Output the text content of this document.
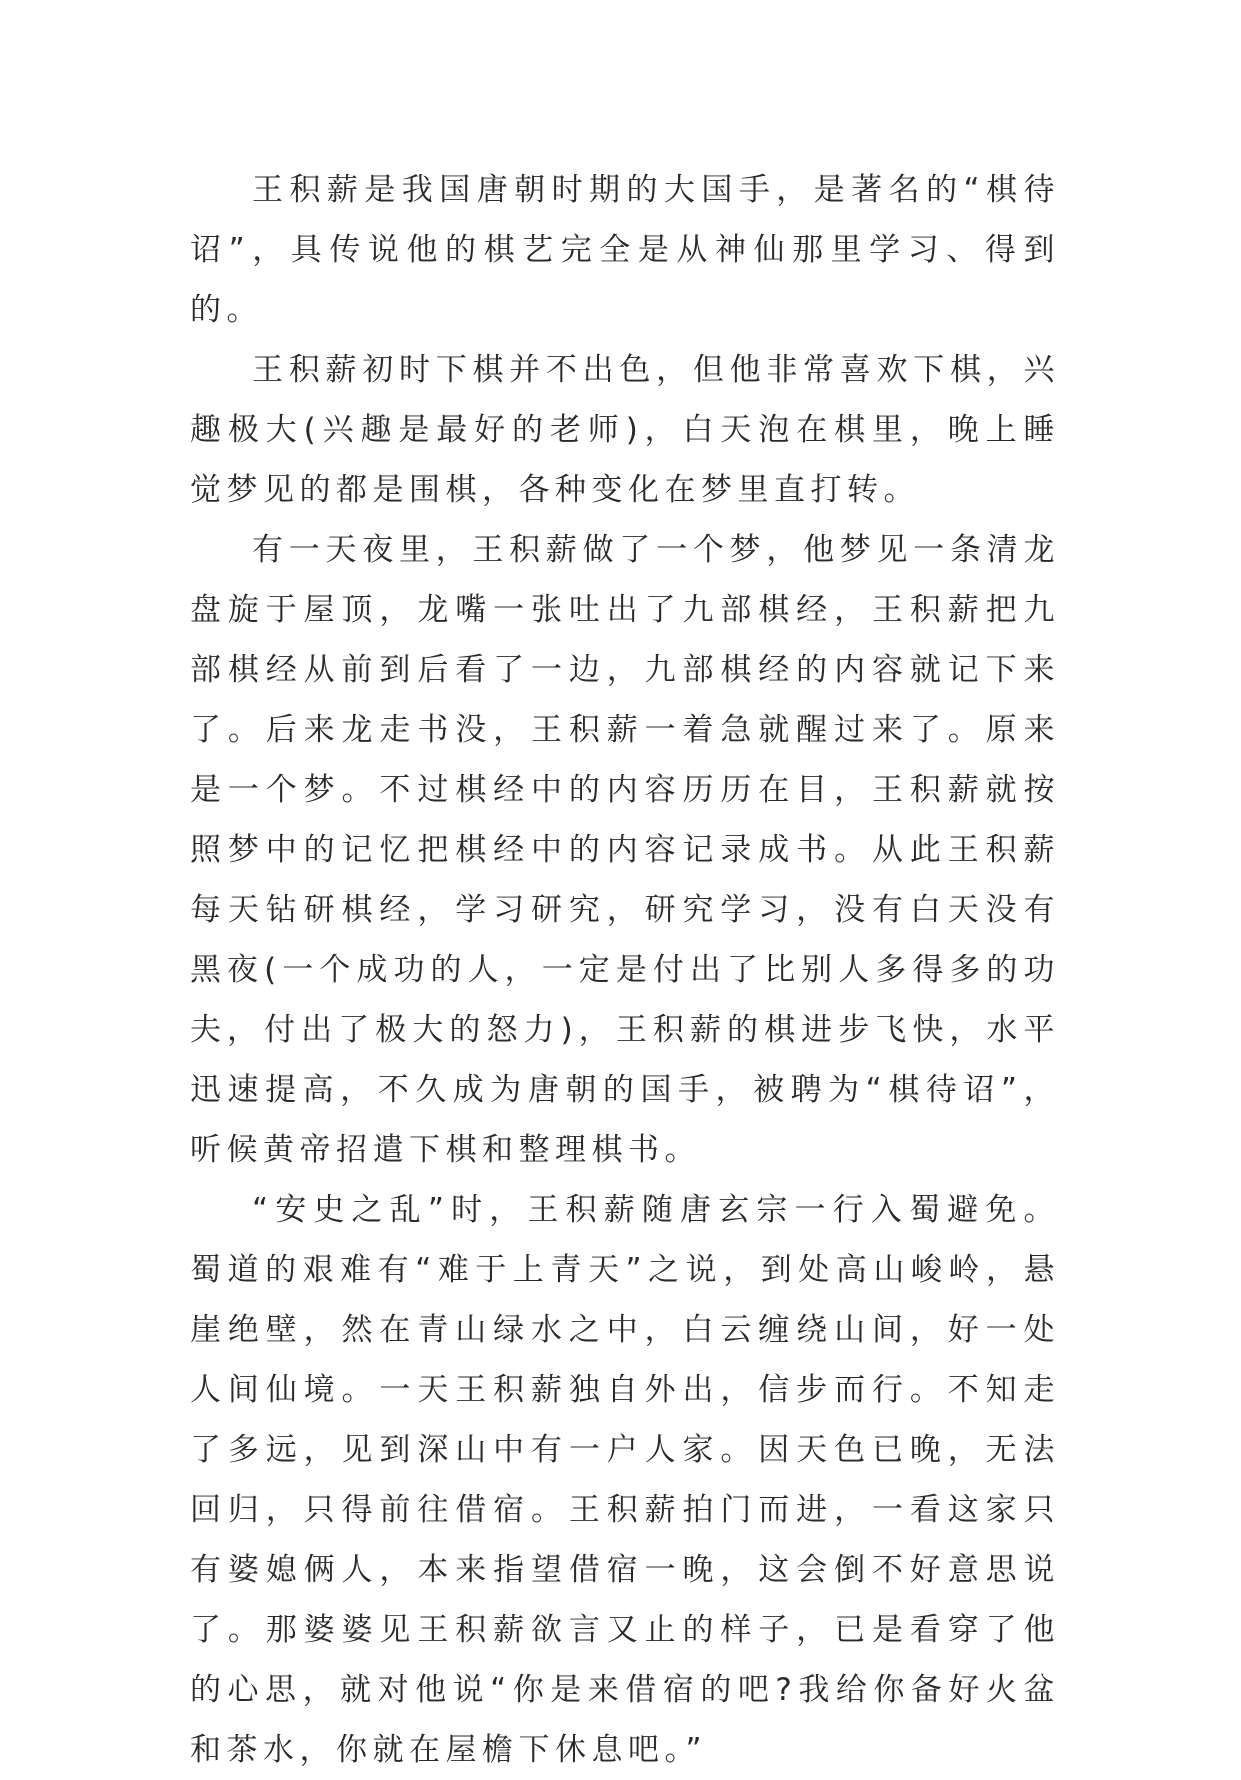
王积薪是我国唐朝时期的大国手，是著名的“棋待诏”，具传说他的棋艺完全是从神仙那里学习、得到的。

王积薪初时下棋并不出色，但他非常喜欢下棋，兴趣极大(兴趣是最好的老师)，白天泡在棋里，晚上睡觉梦见的都是围棋，各种变化在梦里直打转。

有一天夜里，王积薪做了一个梦，他梦见一条清龙盘旋于屋顶，龙嘴一张吐出了九部棋经，王积薪把九部棋经从前到后看了一边，九部棋经的内容就记下来了。后来龙走书没，王积薪一着急就醒过来了。原来是一个梦。不过棋经中的内容历历在目，王积薪就按照梦中的记忆把棋经中的内容记录成书。从此王积薪每天钻研棋经，学习研究，研究学习，没有白天没有黑夜(一个成功的人，一定是付出了比别人多得多的功夫，付出了极大的怒力)，王积薪的棋进步飞快，水平迅速提高，不久成为唐朝的国手，被聘为“棋待诏”，听候黄帝招遣下棋和整理棋书。

“安史之乱”时，王积薪随唐玄宗一行入蜀避免。蜀道的艰难有“难于上青天”之说，到处高山峻岭，悬崖绝壁，然在青山绿水之中，白云缠绕山间，好一处人间仙境。一天王积薪独自外出，信步而行。不知走了多远，见到深山中有一户人家。因天色已晚，无法回归，只得前往借宿。王积薪拍门而进，一看这家只有婆媳俩人，本来指望借宿一晚，这会倒不好意思说了。那婆婆见王积薪欲言又止的样子，已是看穿了他的心思，就对他说“你是来借宿的吧?我给你备好火盆和茶水，你就在屋檐下休息吧。”
